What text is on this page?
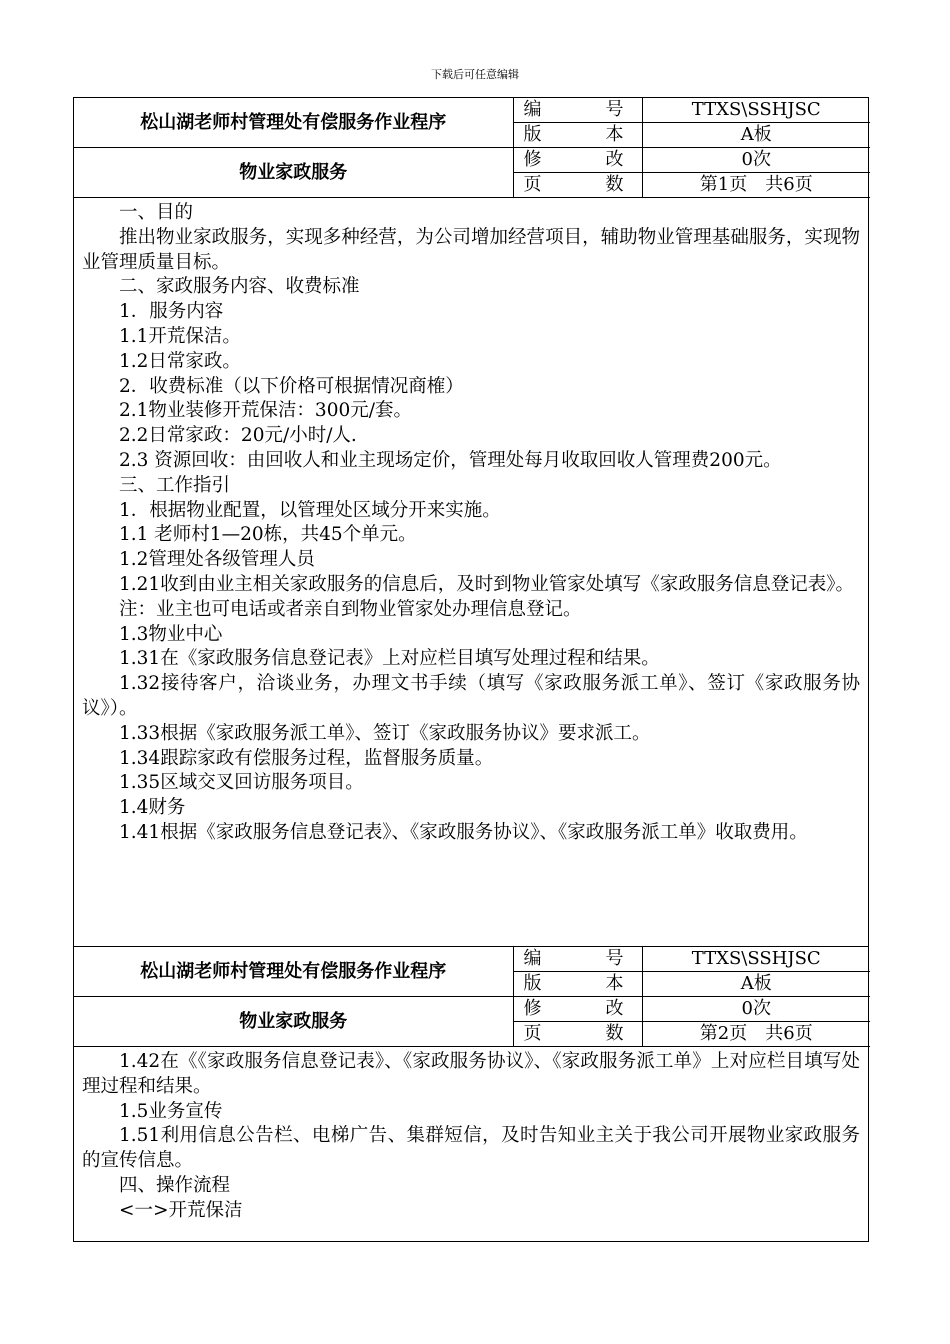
下载后可任意编辑
松山湖老师村管理处有偿服务作业程序	编 号	TTXS\SSHJSC
	版 本	A板
物业家政服务	修 改	0次
	页 数	第1页　共6页

一、目的

推出物业家政服务，实现多种经营，为公司增加经营项目，辅助物业管理基础服务，实现物业管理质量目标。

二、家政服务内容、收费标准

1．服务内容

1.1开荒保洁。

1.2日常家政。

2．收费标准（以下价格可根据情况商榷）

2.1物业装修开荒保洁：300元/套。

2.2日常家政：20元/小时/人.

2.3 资源回收：由回收人和业主现场定价，管理处每月收取回收人管理费200元。

三、工作指引

1．根据物业配置，以管理处区域分开来实施。

1.1 老师村1—20栋，共45个单元。

1.2管理处各级管理人员

1.21收到由业主相关家政服务的信息后，及时到物业管家处填写《家政服务信息登记表》。

注：业主也可电话或者亲自到物业管家处办理信息登记。

1.3物业中心

1.31在《家政服务信息登记表》上对应栏目填写处理过程和结果。

1.32接待客户，洽谈业务，办理文书手续（填写《家政服务派工单》、签订《家政服务协议》）。

1.33根据《家政服务派工单》、签订《家政服务协议》要求派工。

1.34跟踪家政有偿服务过程，监督服务质量。

1.35区域交叉回访服务项目。

1.4财务

1.41根据《家政服务信息登记表》、《家政服务协议》、《家政服务派工单》收取费用。

松山湖老师村管理处有偿服务作业程序	编 号	TTXS\SSHJSC
	版 本	A板
物业家政服务	修 改	0次
	页 数	第2页　共6页

1.42在《《家政服务信息登记表》、《家政服务协议》、《家政服务派工单》上对应栏目填写处理过程和结果。

1.5业务宣传

1.51利用信息公告栏、电梯广告、集群短信，及时告知业主关于我公司开展物业家政服务的宣传信息。

四、操作流程

<一>开荒保洁
